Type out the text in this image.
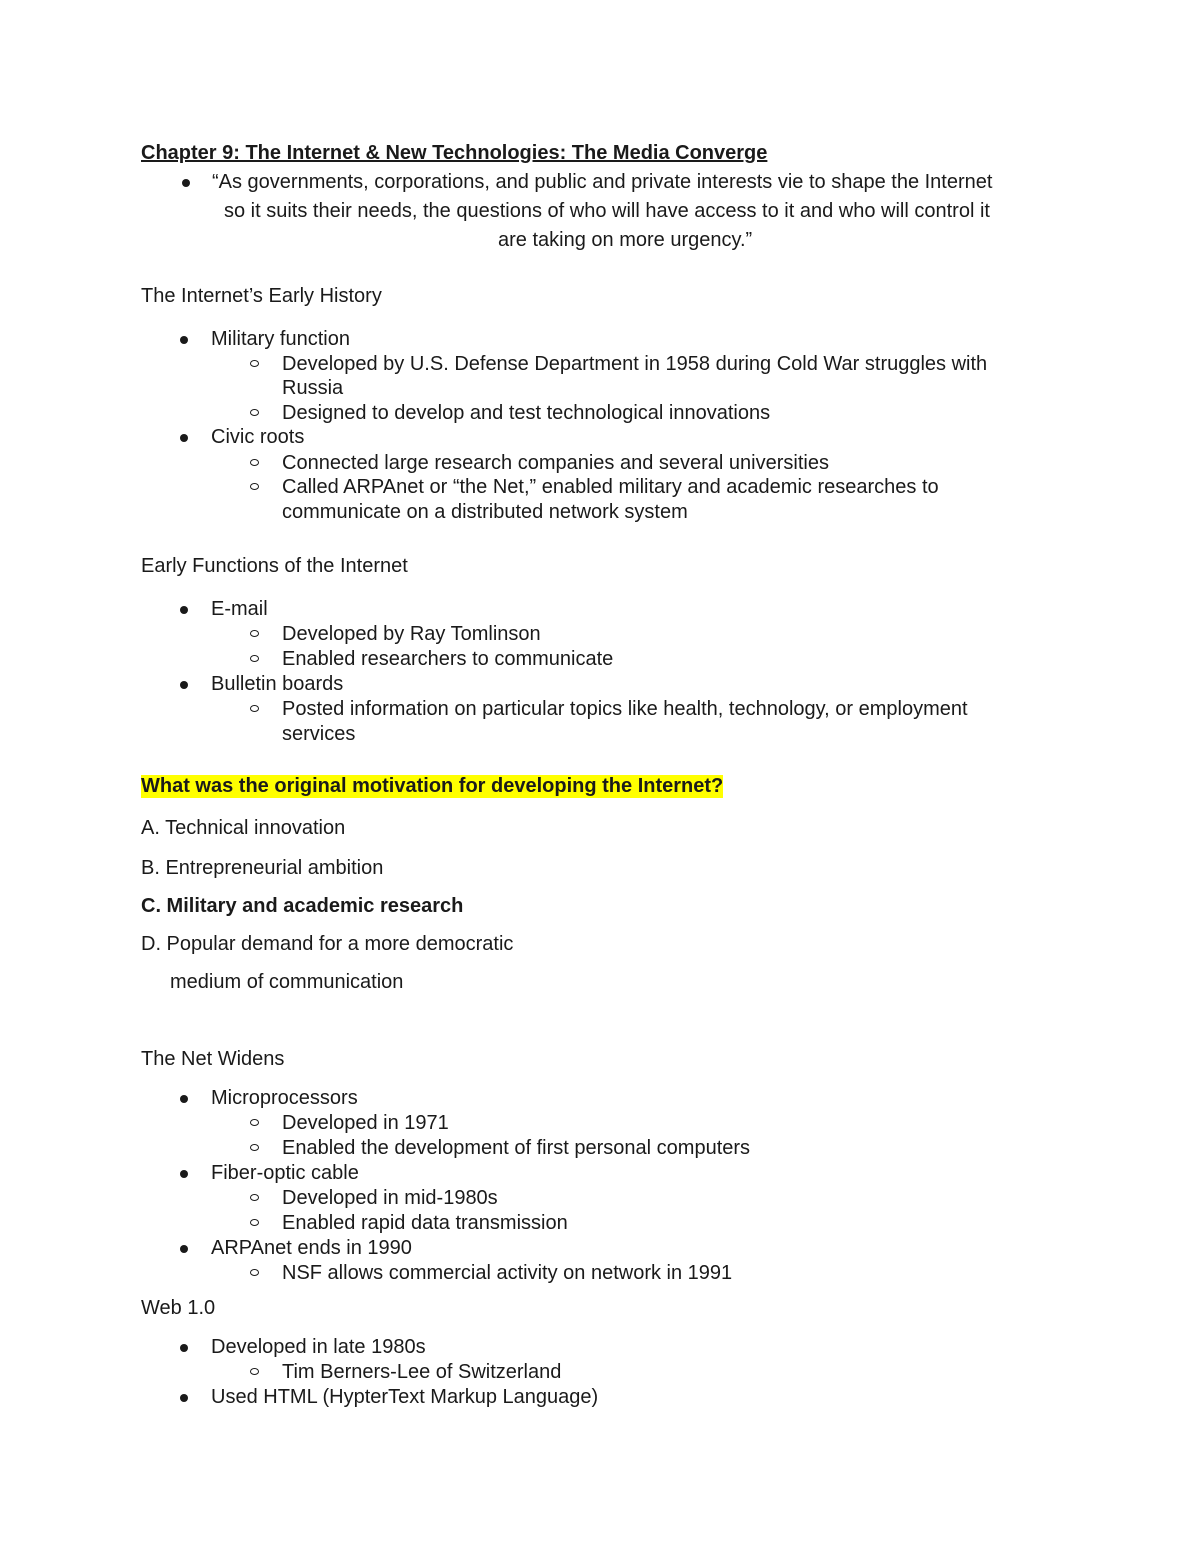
Chapter 9: The Internet & New Technologies: The Media Converge
“As governments, corporations, and public and private interests vie to shape the Internet
so it suits their needs, the questions of who will have access to it and who will control it
are taking on more urgency.”
The Internet’s Early History
Military function
Developed by U.S. Defense Department in 1958 during Cold War struggles with
Russia
Designed to develop and test technological innovations
Civic roots
Connected large research companies and several universities
Called ARPAnet or “the Net,” enabled military and academic researches to
communicate on a distributed network system
Early Functions of the Internet
E-mail
Developed by Ray Tomlinson
Enabled researchers to communicate
Bulletin boards
Posted information on particular topics like health, technology, or employment
services
What was the original motivation for developing the Internet?
A. Technical innovation
B. Entrepreneurial ambition
C. Military and academic research
D. Popular demand for a more democratic
medium of communication
The Net Widens
Microprocessors
Developed in 1971
Enabled the development of first personal computers
Fiber-optic cable
Developed in mid-1980s
Enabled rapid data transmission
ARPAnet ends in 1990
NSF allows commercial activity on network in 1991
Web 1.0
Developed in late 1980s
Tim Berners-Lee of Switzerland
Used HTML (HypterText Markup Language)
